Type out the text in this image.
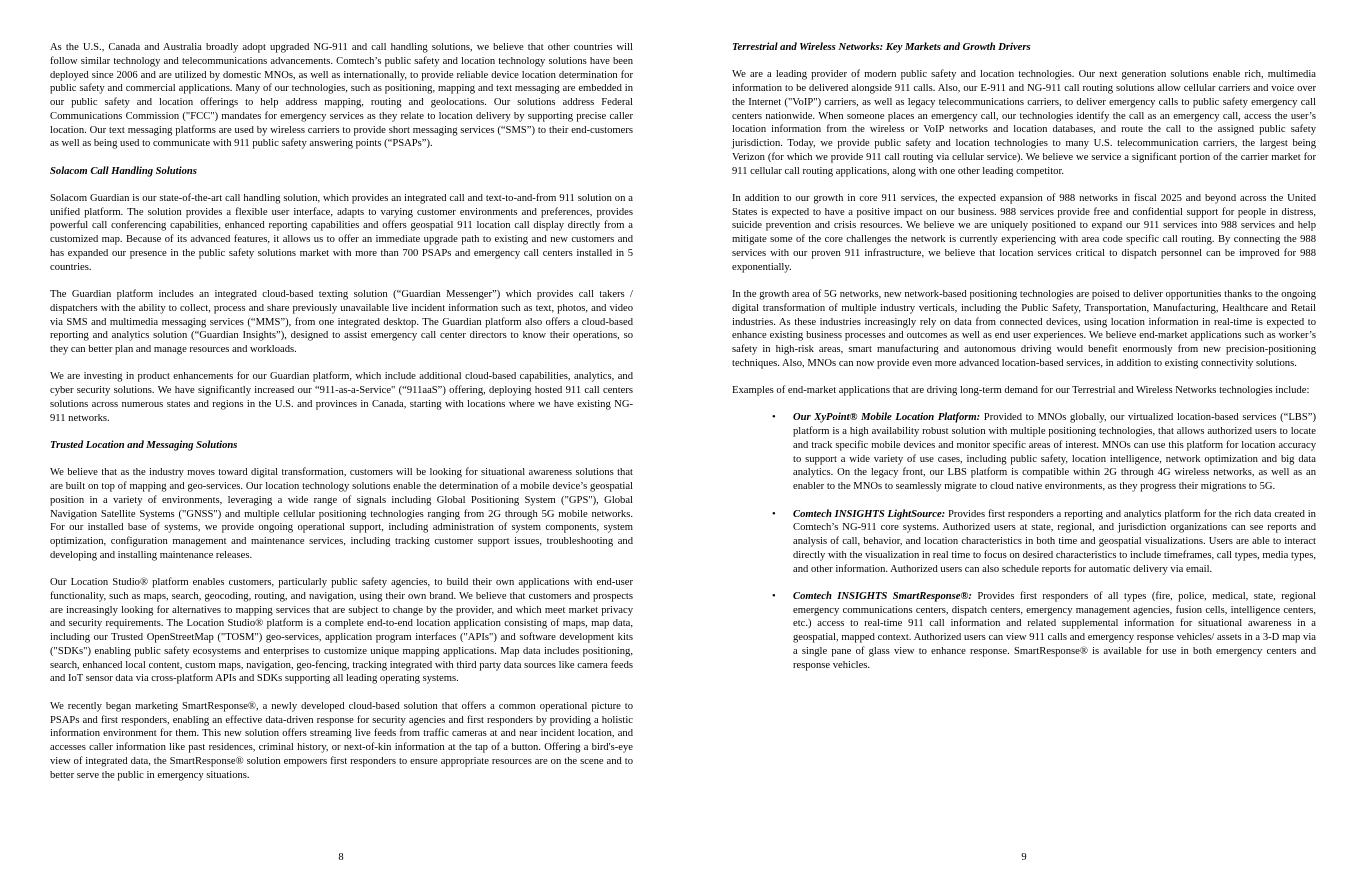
As the U.S., Canada and Australia broadly adopt upgraded NG-911 and call handling solutions, we believe that other countries will follow similar technology and telecommunications advancements. Comtech’s public safety and location technology solutions have been deployed since 2006 and are utilized by domestic MNOs, as well as internationally, to provide reliable device location determination for public safety and commercial applications. Many of our technologies, such as positioning, mapping and text messaging are embedded in our public safety and location offerings to help address mapping, routing and geolocations. Our solutions address Federal Communications Commission ("FCC") mandates for emergency services as they relate to location delivery by supporting precise caller location. Our text messaging platforms are used by wireless carriers to provide short messaging services (“SMS”) to their end-customers as well as being used to communicate with 911 public safety answering points (“PSAPs”).

Solacom Call Handling Solutions

Solacom Guardian is our state-of-the-art call handling solution, which provides an integrated call and text-to-and-from 911 solution on a unified platform. The solution provides a flexible user interface, adapts to varying customer environments and preferences, provides powerful call conferencing capabilities, enhanced reporting capabilities and offers geospatial 911 location call display directly from a customized map. Because of its advanced features, it allows us to offer an immediate upgrade path to existing and new customers and has expanded our presence in the public safety solutions market with more than 700 PSAPs and emergency call centers installed in 5 countries.

The Guardian platform includes an integrated cloud-based texting solution (“Guardian Messenger”) which provides call takers / dispatchers with the ability to collect, process and share previously unavailable live incident information such as text, photos, and video via SMS and multimedia messaging services (“MMS”), from one integrated desktop. The Guardian platform also offers a cloud-based reporting and analytics solution (“Guardian Insights”), designed to assist emergency call center directors to know their operations, so they can better plan and manage resources and workloads.

We are investing in product enhancements for our Guardian platform, which include additional cloud-based capabilities, analytics, and cyber security solutions. We have significantly increased our “911-as-a-Service" (“911aaS”) offering, deploying hosted 911 call centers solutions across numerous states and regions in the U.S. and provinces in Canada, starting with locations where we have existing NG-911 networks.

Trusted Location and Messaging Solutions

We believe that as the industry moves toward digital transformation, customers will be looking for situational awareness solutions that are built on top of mapping and geo-services. Our location technology solutions enable the determination of a mobile device’s geospatial position in a variety of environments, leveraging a wide range of signals including Global Positioning System ("GPS"), Global Navigation Satellite Systems ("GNSS") and multiple cellular positioning technologies ranging from 2G through 5G mobile networks. For our installed base of systems, we provide ongoing operational support, including administration of system components, system optimization, configuration management and maintenance services, including tracking customer support issues, troubleshooting and developing and installing maintenance releases.

Our Location Studio® platform enables customers, particularly public safety agencies, to build their own applications with end-user functionality, such as maps, search, geocoding, routing, and navigation, using their own brand. We believe that customers and prospects are increasingly looking for alternatives to mapping services that are subject to change by the provider, and which meet market privacy and security requirements. The Location Studio® platform is a complete end-to-end location application consisting of maps, map data, including our Trusted OpenStreetMap ("TOSM") geo-services, application program interfaces ("APIs") and software development kits ("SDKs") enabling public safety ecosystems and enterprises to customize unique mapping applications. Map data includes positioning, search, enhanced local content, custom maps, navigation, geo-fencing, tracking integrated with third party data sources like camera feeds and IoT sensor data via cross-platform APIs and SDKs supporting all leading operating systems.

We recently began marketing SmartResponse®, a newly developed cloud-based solution that offers a common operational picture to PSAPs and first responders, enabling an effective data-driven response for security agencies and first responders by providing a holistic information environment for them. This new solution offers streaming live feeds from traffic cameras at and near incident location, and accesses caller information like past residences, criminal history, or next-of-kin information at the tap of a button. Offering a bird's-eye view of integrated data, the SmartResponse® solution empowers first responders to ensure appropriate resources are on the scene and to better serve the public in emergency situations.

8
Terrestrial and Wireless Networks: Key Markets and Growth Drivers

We are a leading provider of modern public safety and location technologies. Our next generation solutions enable rich, multimedia information to be delivered alongside 911 calls. Also, our E-911 and NG-911 call routing solutions allow cellular carriers and voice over the Internet ("VoIP") carriers, as well as legacy telecommunications carriers, to deliver emergency calls to public safety emergency call centers nationwide. When someone places an emergency call, our technologies identify the call as an emergency call, access the user’s location information from the wireless or VoIP networks and location databases, and route the call to the assigned public safety jurisdiction. Today, we provide public safety and location technologies to many U.S. telecommunication carriers, the largest being Verizon (for which we provide 911 call routing via cellular service). We believe we service a significant portion of the carrier market for 911 cellular call routing applications, along with one other leading competitor.

In addition to our growth in core 911 services, the expected expansion of 988 networks in fiscal 2025 and beyond across the United States is expected to have a positive impact on our business. 988 services provide free and confidential support for people in distress, suicide prevention and crisis resources. We believe we are uniquely positioned to expand our 911 services into 988 services and help mitigate some of the core challenges the network is currently experiencing with area code specific call routing. By connecting the 988 services with our proven 911 infrastructure, we believe that location services critical to dispatch personnel can be improved for 988 exponentially.

In the growth area of 5G networks, new network-based positioning technologies are poised to deliver opportunities thanks to the ongoing digital transformation of multiple industry verticals, including the Public Safety, Transportation, Manufacturing, Healthcare and Retail industries. As these industries increasingly rely on data from connected devices, using location information in real-time is expected to enhance existing business processes and outcomes as well as end user experiences. We believe end-market applications such as worker’s safety in high-risk areas, smart manufacturing and autonomous driving would benefit enormously from new precision-positioning techniques. Also, MNOs can now provide even more advanced location-based services, in addition to existing connectivity solutions.

Examples of end-market applications that are driving long-term demand for our Terrestrial and Wireless Networks technologies include:

• Our XyPoint® Mobile Location Platform: Provided to MNOs globally, our virtualized location-based services (“LBS”) platform is a high availability robust solution with multiple positioning technologies, that allows authorized users to locate and track specific mobile devices and monitor specific areas of interest. MNOs can use this platform for location accuracy to support a wide variety of use cases, including public safety, location intelligence, network optimization and big data analytics. On the legacy front, our LBS platform is compatible within 2G through 4G wireless networks, as well as an enabler to the MNOs to seamlessly migrate to cloud native environments, as they progress their migrations to 5G.
• Comtech INSIGHTS LightSource: Provides first responders a reporting and analytics platform for the rich data created in Comtech’s NG-911 core systems. Authorized users at state, regional, and jurisdiction organizations can see reports and analysis of call, behavior, and location characteristics in both time and geospatial visualizations. Users are able to interact directly with the visualization in real time to focus on desired characteristics to include timeframes, call types, media types, and other information. Authorized users can also schedule reports for automatic delivery via email.
• Comtech INSIGHTS SmartResponse®: Provides first responders of all types (fire, police, medical, state, regional emergency communications centers, dispatch centers, emergency management agencies, fusion cells, intelligence centers, etc.) access to real-time 911 call information and related supplemental information for situational awareness in a geospatial, mapped context. Authorized users can view 911 calls and emergency response vehicles/ assets in a 3-D map via a single pane of glass view to enhance response. SmartResponse® is available for use in both emergency centers and response vehicles.
9
